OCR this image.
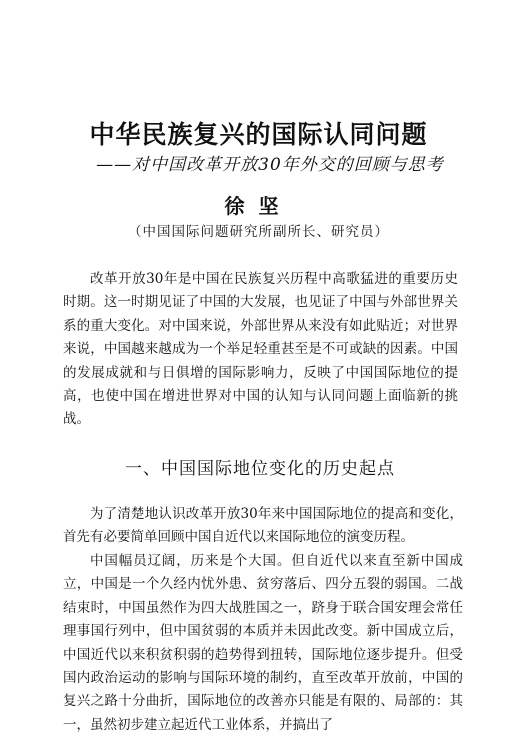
中华民族复兴的国际认同问题
——对中国改革开放30年外交的回顾与思考
徐坚
（中国国际问题研究所副所长、研究员）

改革开放30年是中国在民族复兴历程中高歌猛进的重要历史时期。这一时期见证了中国的大发展，也见证了中国与外部世界关系的重大变化。对中国来说，外部世界从来没有如此贴近；对世界来说，中国越来越成为一个举足轻重甚至是不可或缺的因素。中国的发展成就和与日俱增的国际影响力，反映了中国国际地位的提高，也使中国在增进世界对中国的认知与认同问题上面临新的挑战。

一、中国国际地位变化的历史起点

为了清楚地认识改革开放30年来中国国际地位的提高和变化，首先有必要简单回顾中国自近代以来国际地位的演变历程。

中国幅员辽阔，历来是个大国。但自近代以来直至新中国成立，中国是一个久经内忧外患、贫穷落后、四分五裂的弱国。二战结束时，中国虽然作为四大战胜国之一，跻身于联合国安理会常任理事国行列中，但中国贫弱的本质并未因此改变。新中国成立后，中国近代以来积贫积弱的趋势得到扭转，国际地位逐步提升。但受国内政治运动的影响与国际环境的制约，直至改革开放前，中国的复兴之路十分曲折，国际地位的改善亦只能是有限的、局部的：其一，虽然初步建立起近代工业体系，并搞出了
